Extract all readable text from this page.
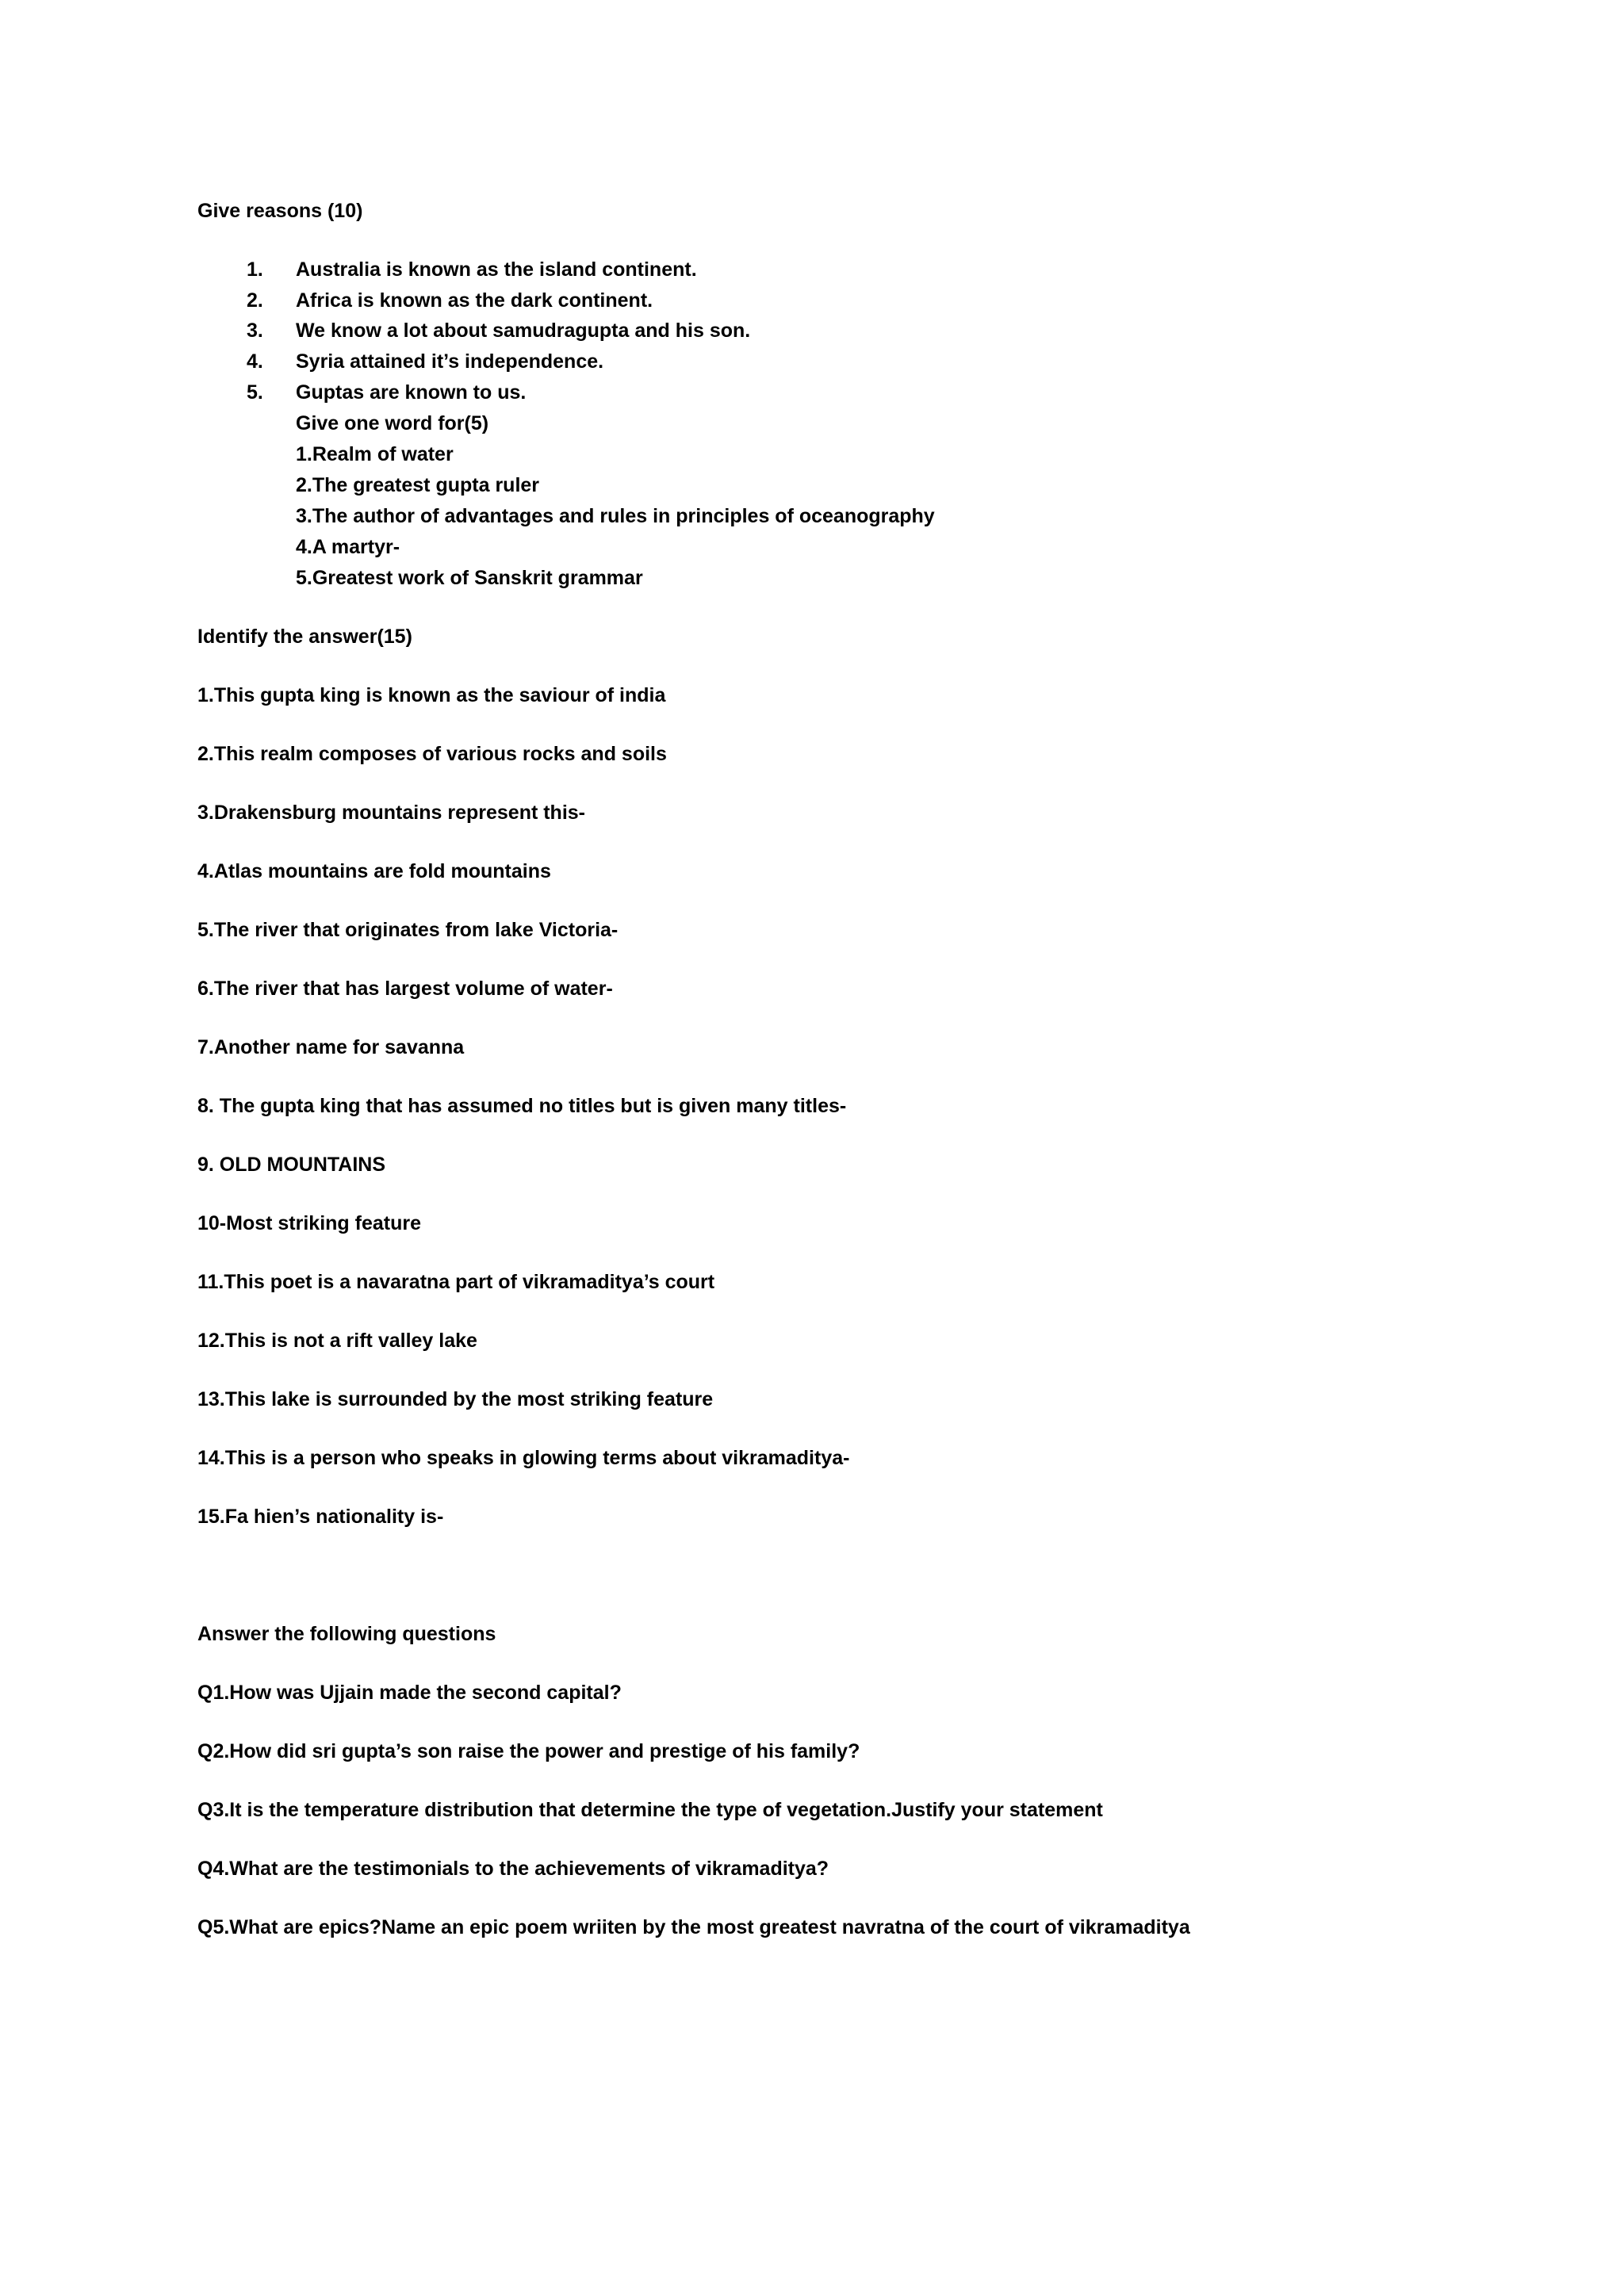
Give reasons (10)
1. Australia is known as the island continent.
2. Africa is known as the dark continent.
3. We know a lot about samudragupta and his son.
4. Syria attained it’s independence.
5. Guptas are known to us.
Give one word for(5)
1.Realm of water
2.The greatest gupta ruler
3.The author of advantages and rules in principles of oceanography
4.A martyr-
5.Greatest work of Sanskrit grammar
Identify the answer(15)
1.This gupta king is known as the saviour of india
2.This realm composes of various rocks and soils
3.Drakensburg mountains represent this-
4.Atlas mountains are fold mountains
5.The river that originates from lake Victoria-
6.The river that has largest volume of water-
7.Another name for savanna
8. The gupta king that has assumed no titles but is given many titles-
9. OLD MOUNTAINS
10-Most striking feature
11.This poet is a navaratna part of vikramaditya’s court
12.This is not a rift valley lake
13.This lake is surrounded by the most striking feature
14.This is a person who speaks in glowing terms about vikramaditya-
15.Fa hien’s nationality is-
Answer the following questions
Q1.How was Ujjain made the second capital?
Q2.How did sri gupta’s son raise the power and prestige of his family?
Q3.It is the temperature distribution that determine the type of vegetation.Justify your statement
Q4.What are the testimonials to the achievements of vikramaditya?
Q5.What are epics?Name an epic poem wriiten by the most greatest navratna of the court of vikramaditya
